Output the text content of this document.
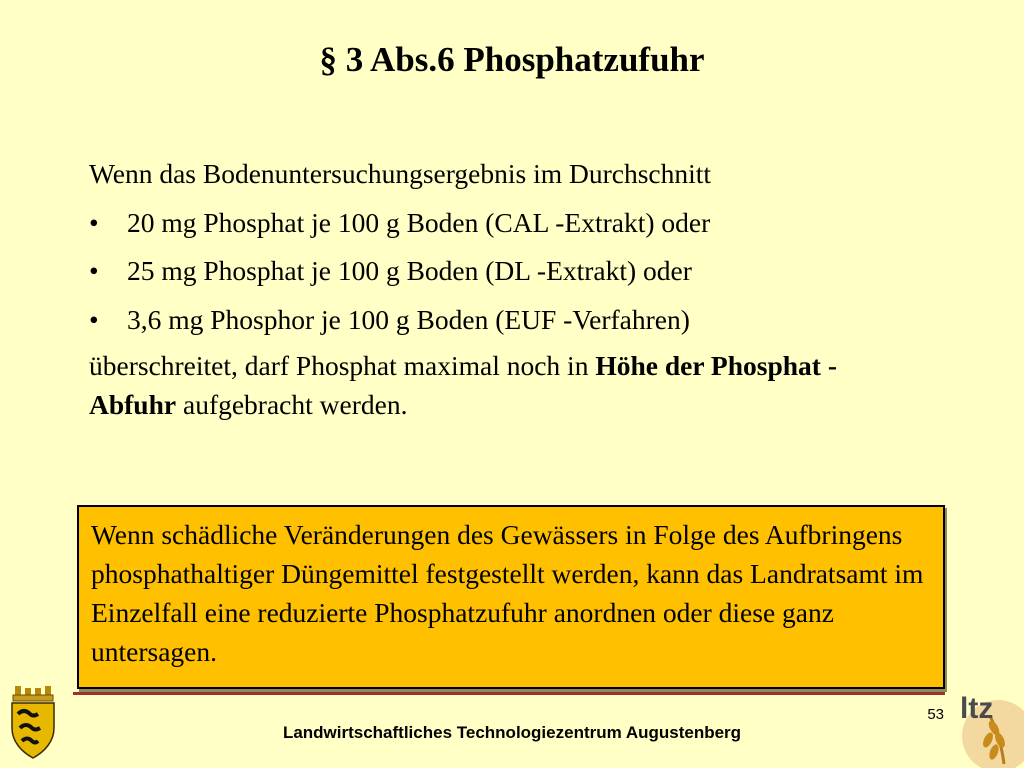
§ 3 Abs.6 Phosphatzufuhr

Wenn das Bodenuntersuchungsergebnis im Durchschnitt

• 20 mg Phosphat je 100 g Boden (CAL -Extrakt) oder
• 25 mg Phosphat je 100 g Boden (DL -Extrakt) oder
• 3,6 mg Phosphor je 100 g Boden (EUF -Verfahren)

überschreitet, darf Phosphat maximal noch in Höhe der Phosphat - Abfuhr aufgebracht werden.

Wenn schädliche Veränderungen des Gewässers in Folge des Aufbringens phosphathaltiger Düngemittel festgestellt werden, kann das Landratsamt im Einzelfall eine reduzierte Phosphatzufuhr anordnen oder diese ganz untersagen.
53
Landwirtschaftliches Technologiezentrum Augustenberg
ltz
